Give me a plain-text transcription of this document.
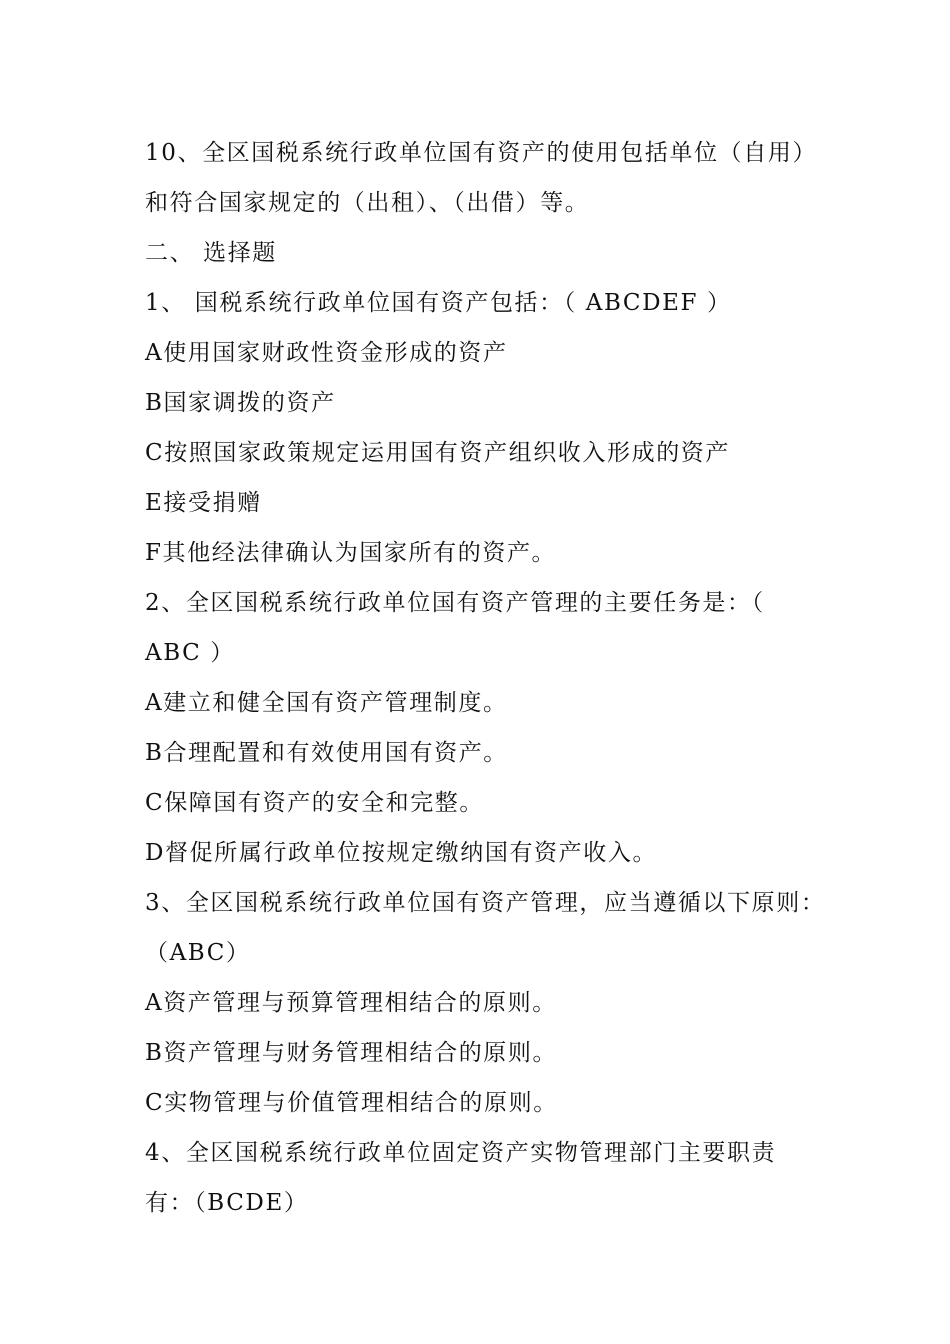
10、全区国税系统行政单位国有资产的使用包括单位（自用）
和符合国家规定的（出租）、（出借）等。
二、 选择题
1、 国税系统行政单位国有资产包括：（ ABCDEF ）
A使用国家财政性资金形成的资产
B国家调拨的资产
C按照国家政策规定运用国有资产组织收入形成的资产
E接受捐赠
F其他经法律确认为国家所有的资产。
2、全区国税系统行政单位国有资产管理的主要任务是：（
ABC ）
A建立和健全国有资产管理制度。
B合理配置和有效使用国有资产。
C保障国有资产的安全和完整。
D督促所属行政单位按规定缴纳国有资产收入。
3、全区国税系统行政单位国有资产管理，应当遵循以下原则：
（ABC）
A资产管理与预算管理相结合的原则。
B资产管理与财务管理相结合的原则。
C实物管理与价值管理相结合的原则。
4、全区国税系统行政单位固定资产实物管理部门主要职责
有：（BCDE）
